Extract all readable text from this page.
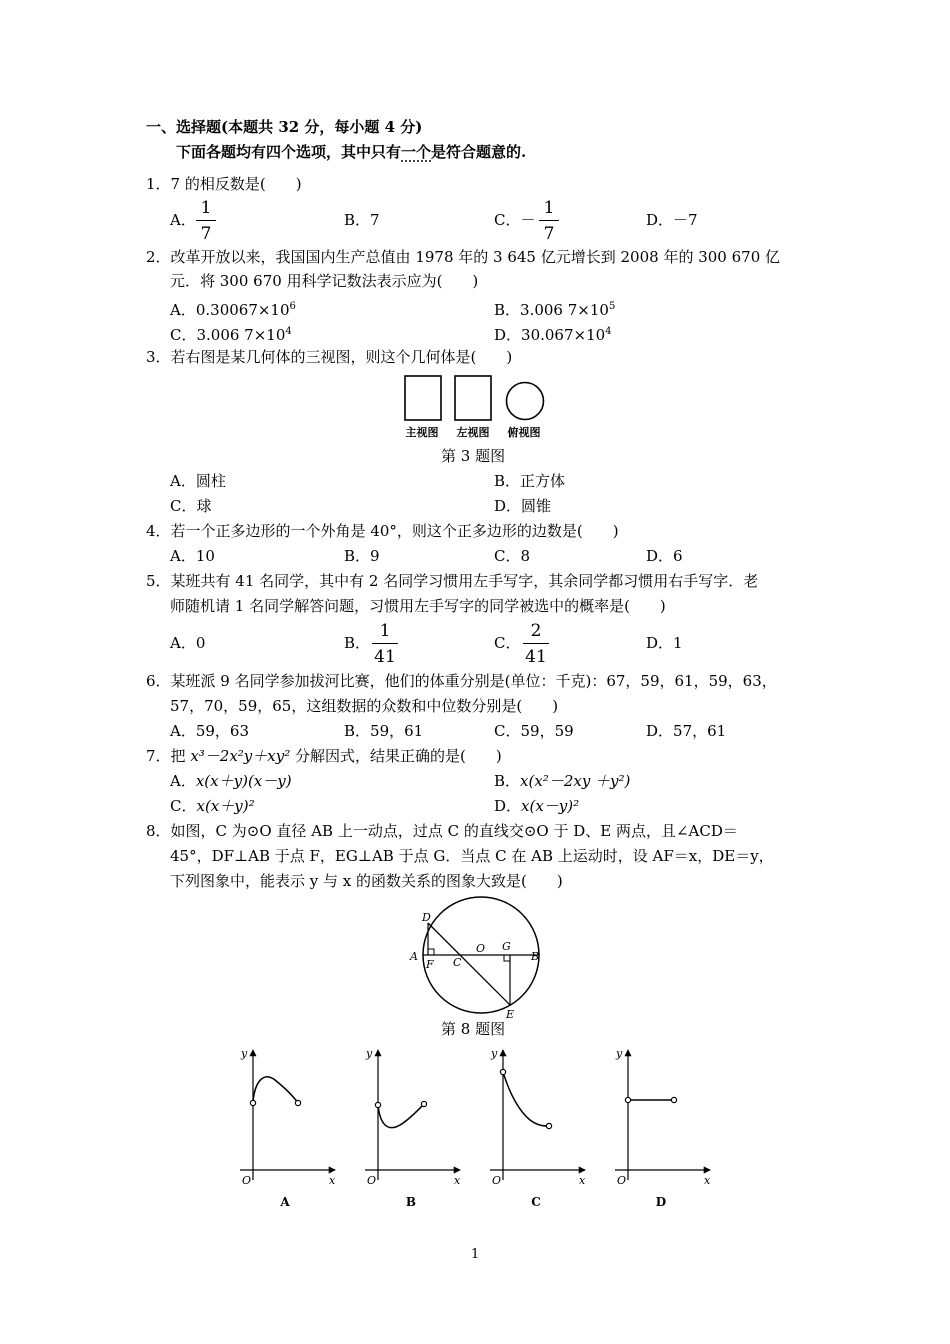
一、选择题(本题共 32 分，每小题 4 分)
下面各题均有四个选项，其中只有一个是符合题意的.
1．7 的相反数是(　　)
A．
1
7
B．7	C．－
1
7
D．－7
2．改革开放以来，我国国内生产总值由 1978 年的 3 645 亿元增长到 2008 年的 300 670 亿
元．将 300 670 用科学记数法表示应为(　　)
A．$0.30067\times 10^6$	B．3.006 $7\times 10^5$
C．3.006 $7\times 10^4$	D．$30.067\times 10^4$
3．若右图是某几何体的三视图，则这个几何体是(　　)
主视图 左视图 俯视图
第 3 题图
A．圆柱	B．正方体
C．球	D．圆锥
4．若一个正多边形的一个外角是 40°，则这个正多边形的边数是(　　)
A．10	B．9	C．8	D．6
5．某班共有 41 名同学，其中有 2 名同学习惯用左手写字，其余同学都习惯用右手写字．老
师随机请 1 名同学解答问题，习惯用左手写字的同学被选中的概率是(　　)
A．0	B．
1
41
C．
2
41
D．1
6．某班派 9 名同学参加拔河比赛，他们的体重分别是(单位：千克)：67，59，61，59，63，
57，70，59，65，这组数据的众数和中位数分别是(　　)
A．59，63	B．59，61	C．59，59	D．57，61
7．把 x³－2x²y＋xy² 分解因式，结果正确的是(　　)
A．x(x＋y)(x－y)	B．x(x²－2xy ＋y²)
C．x(x＋y)²	D．x(x－y)²
8．如图，C 为⊙O 直径 AB 上一动点，过点 C 的直线交⊙O 于 D、E 两点，且∠ACD＝
45°，DF⊥AB 于点 F，EG⊥AB 于点 G．当点 C 在 AB 上运动时，设 AF＝x，DE＝y，
下列图象中，能表示 y 与 x 的函数关系的图象大致是(　　)
D
A
F C
O G
B
E
第 8 题图
y
x
O
A
y
x
O
B
y
x
O
C
y
x
O
D
1
